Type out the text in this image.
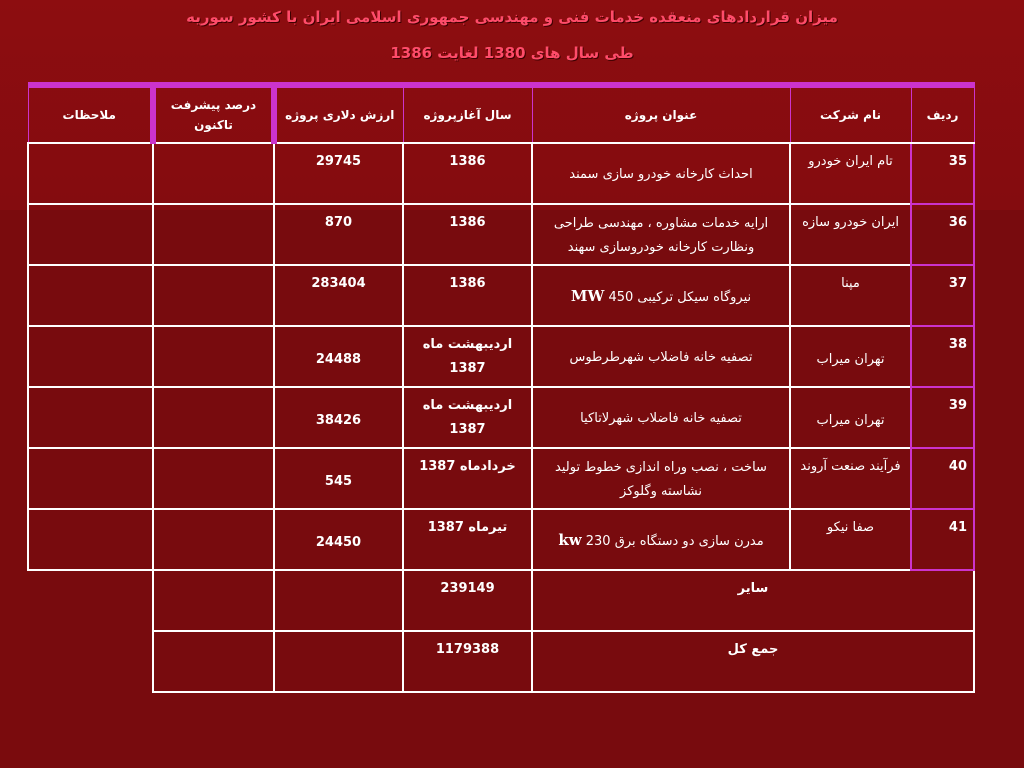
میزان قراردادهای منعقده خدمات فنی و مهندسی جمهوری اسلامی ایران با کشور سوریه
طی سال های 1380 لغایت 1386
ردیف	نام شرکت	عنوان پروژه	سال آغازپروژه	ارزش دلاری پروژه	درصد پیشرفت تاکنون	ملاحظات
35	تام ایران خودرو	احداث کارخانه خودرو سازی سمند	1386	29745		
36	ایران خودرو سازه	ارایه خدمات مشاوره ، مهندسی طراحی ونظارت کارخانه خودروسازی سهند	1386	870		
37	مپنا	نیروگاه سیکل ترکیبی 450 MW	1386	283404		
38	تهران میراب	تصفیه خانه فاضلاب شهرطرطوس	اردیبهشت ماه 1387	24488		
39	تهران میراب	تصفیه خانه فاضلاب شهرلاتاکیا	اردیبهشت ماه 1387	38426		
40	فرآیند صنعت آروند	ساخت ، نصب وراه اندازی خطوط تولید نشاسته وگلوکز	خردادماه 1387	545		
41	صفا نیکو	مدرن سازی دو دستگاه برق kw 230	تیرماه 1387	24450		
سایر			239149			
جمع کل			1179388			
